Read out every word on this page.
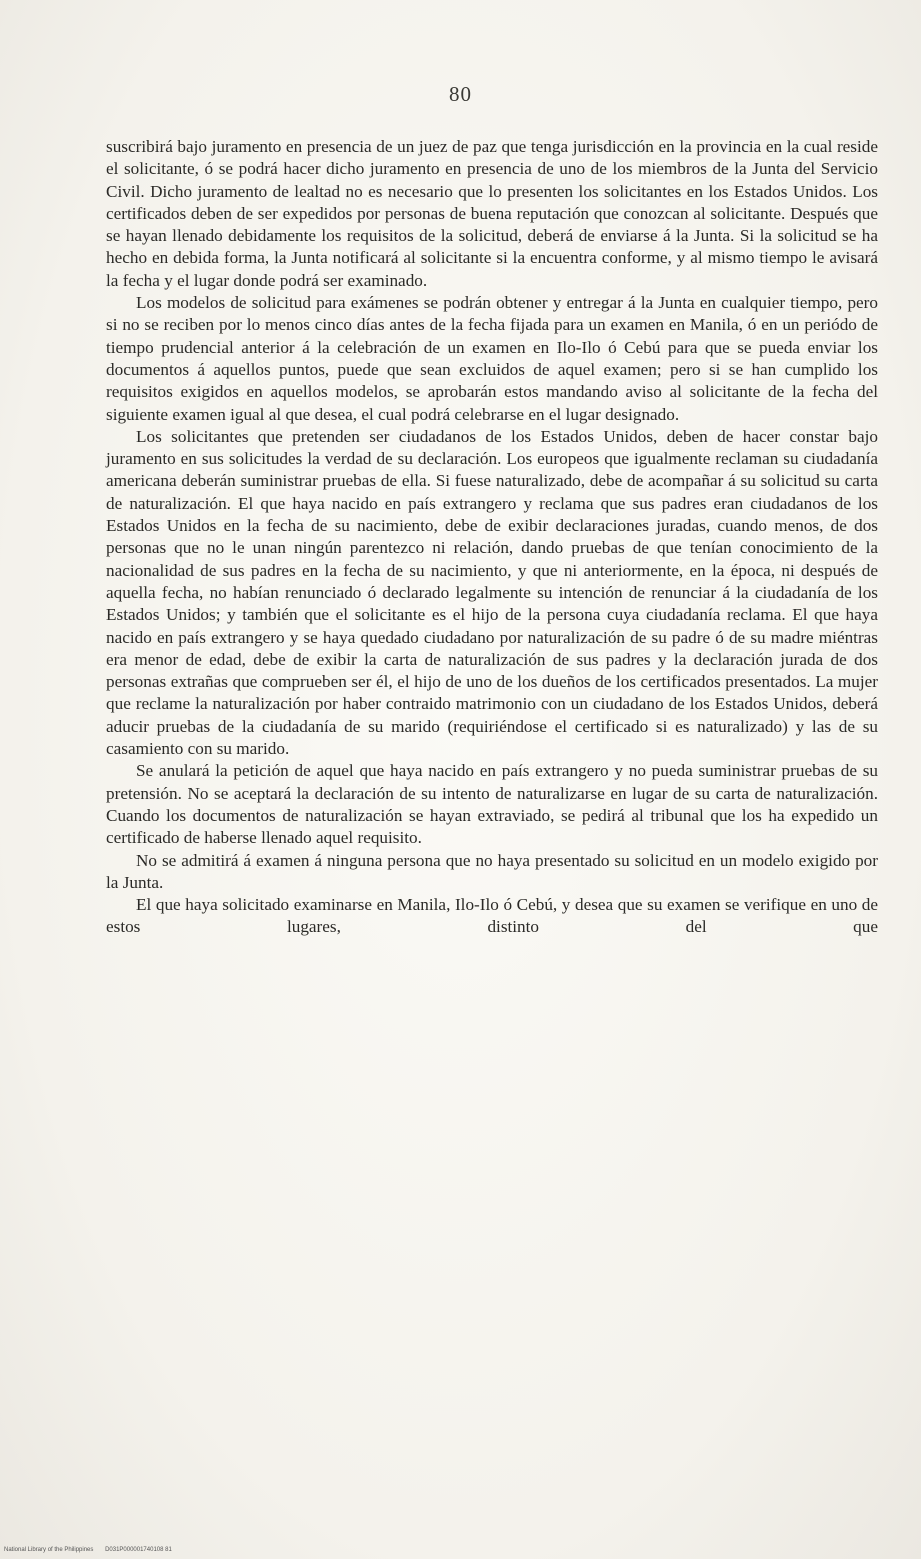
80

suscribirá bajo juramento en presencia de un juez de paz que tenga jurisdicción en la provincia en la cual reside el solicitante, ó se podrá hacer dicho juramento en presencia de uno de los miembros de la Junta del Servicio Civil. Dicho juramento de lealtad no es necesario que lo presenten los solicitantes en los Estados Unidos. Los certificados deben de ser expedidos por personas de buena reputación que conozcan al solicitante. Después que se hayan llenado debidamente los requisitos de la solicitud, deberá de enviarse á la Junta. Si la solicitud se ha hecho en debida forma, la Junta notificará al solicitante si la encuentra conforme, y al mismo tiempo le avisará la fecha y el lugar donde podrá ser examinado.

Los modelos de solicitud para exámenes se podrán obtener y entregar á la Junta en cualquier tiempo, pero si no se reciben por lo menos cinco días antes de la fecha fijada para un examen en Manila, ó en un periódo de tiempo prudencial anterior á la celebración de un examen en Ilo-Ilo ó Cebú para que se pueda enviar los documentos á aquellos puntos, puede que sean excluidos de aquel examen; pero si se han cumplido los requisitos exigidos en aquellos modelos, se aprobarán estos mandando aviso al solicitante de la fecha del siguiente examen igual al que desea, el cual podrá celebrarse en el lugar designado.

Los solicitantes que pretenden ser ciudadanos de los Estados Unidos, deben de hacer constar bajo juramento en sus solicitudes la verdad de su declaración. Los europeos que igualmente reclaman su ciudadanía americana deberán suministrar pruebas de ella. Si fuese naturalizado, debe de acompañar á su solicitud su carta de naturalización. El que haya nacido en país extrangero y reclama que sus padres eran ciudadanos de los Estados Unidos en la fecha de su nacimiento, debe de exibir declaraciones juradas, cuando menos, de dos personas que no le unan ningún parentezco ni relación, dando pruebas de que tenían conocimiento de la nacionalidad de sus padres en la fecha de su nacimiento, y que ni anteriormente, en la época, ni después de aquella fecha, no habían renunciado ó declarado legalmente su intención de renunciar á la ciudadanía de los Estados Unidos; y también que el solicitante es el hijo de la persona cuya ciudadanía reclama. El que haya nacido en país extrangero y se haya quedado ciudadano por naturalización de su padre ó de su madre miéntras era menor de edad, debe de exibir la carta de naturalización de sus padres y la declaración jurada de dos personas extrañas que comprueben ser él, el hijo de uno de los dueños de los certificados presentados. La mujer que reclame la naturalización por haber contraido matrimonio con un ciudadano de los Estados Unidos, deberá aducir pruebas de la ciudadanía de su marido (requiriéndose el certificado si es naturalizado) y las de su casamiento con su marido.

Se anulará la petición de aquel que haya nacido en país extrangero y no pueda suministrar pruebas de su pretensión. No se aceptará la declaración de su intento de naturalizarse en lugar de su carta de naturalización. Cuando los documentos de naturalización se hayan extraviado, se pedirá al tribunal que los ha expedido un certificado de haberse llenado aquel requisito.

No se admitirá á examen á ninguna persona que no haya presentado su solicitud en un modelo exigido por la Junta.

El que haya solicitado examinarse en Manila, Ilo-Ilo ó Cebú, y desea que su examen se verifique en uno de estos lugares, distinto del que

National Library of the Philippines D031P000001740108 81
